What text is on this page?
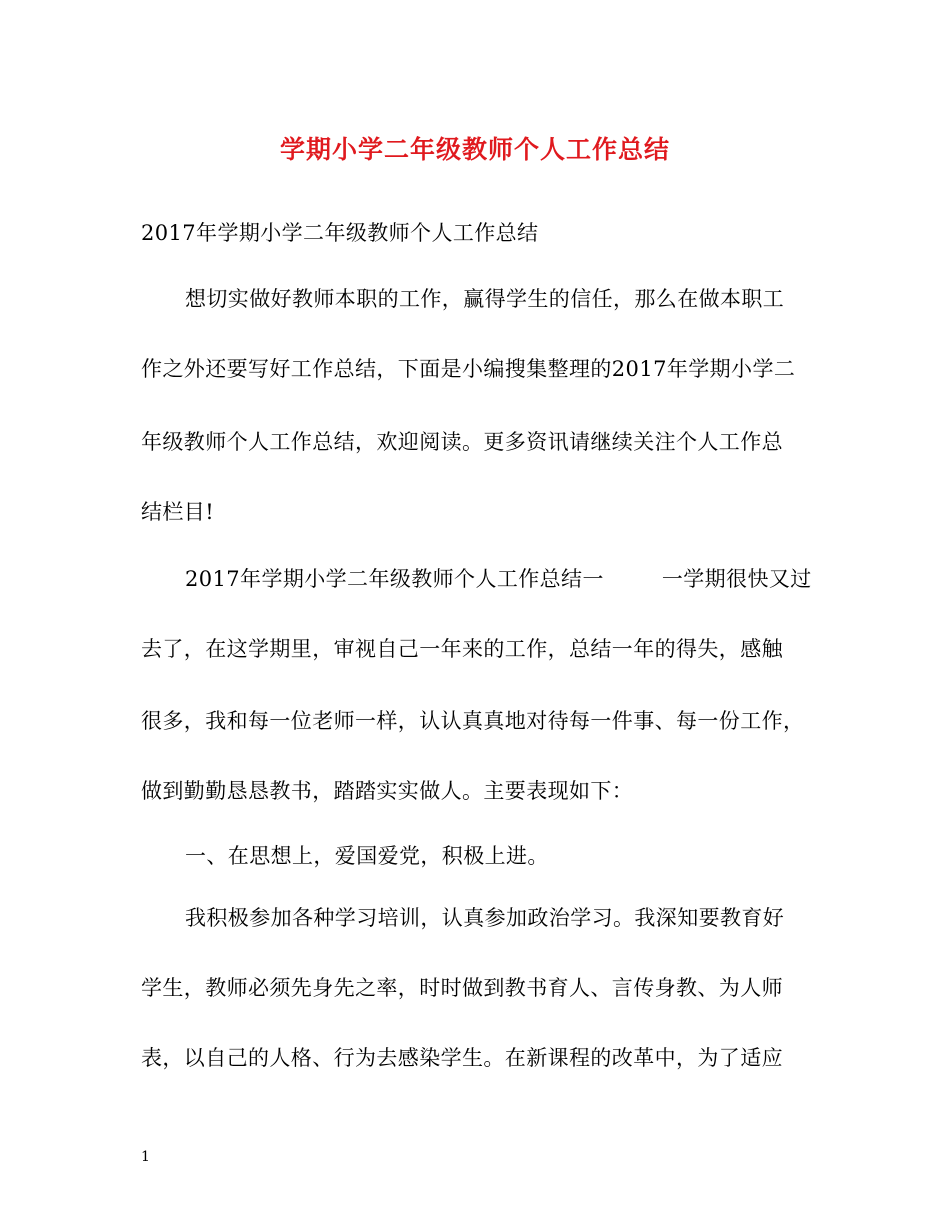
学期小学二年级教师个人工作总结
2017年学期小学二年级教师个人工作总结
想切实做好教师本职的工作，赢得学生的信任，那么在做本职工
作之外还要写好工作总结，下面是小编搜集整理的2017年学期小学二
年级教师个人工作总结，欢迎阅读。更多资讯请继续关注个人工作总
结栏目!
2017年学期小学二年级教师个人工作总结一	一学期很快又过
去了，在这学期里，审视自己一年来的工作，总结一年的得失，感触
很多，我和每一位老师一样，认认真真地对待每一件事、每一份工作，
做到勤勤恳恳教书，踏踏实实做人。主要表现如下：
一、在思想上，爱国爱党，积极上进。
我积极参加各种学习培训，认真参加政治学习。我深知要教育好
学生，教师必须先身先之率，时时做到教书育人、言传身教、为人师
表，以自己的人格、行为去感染学生。在新课程的改革中，为了适应
1
